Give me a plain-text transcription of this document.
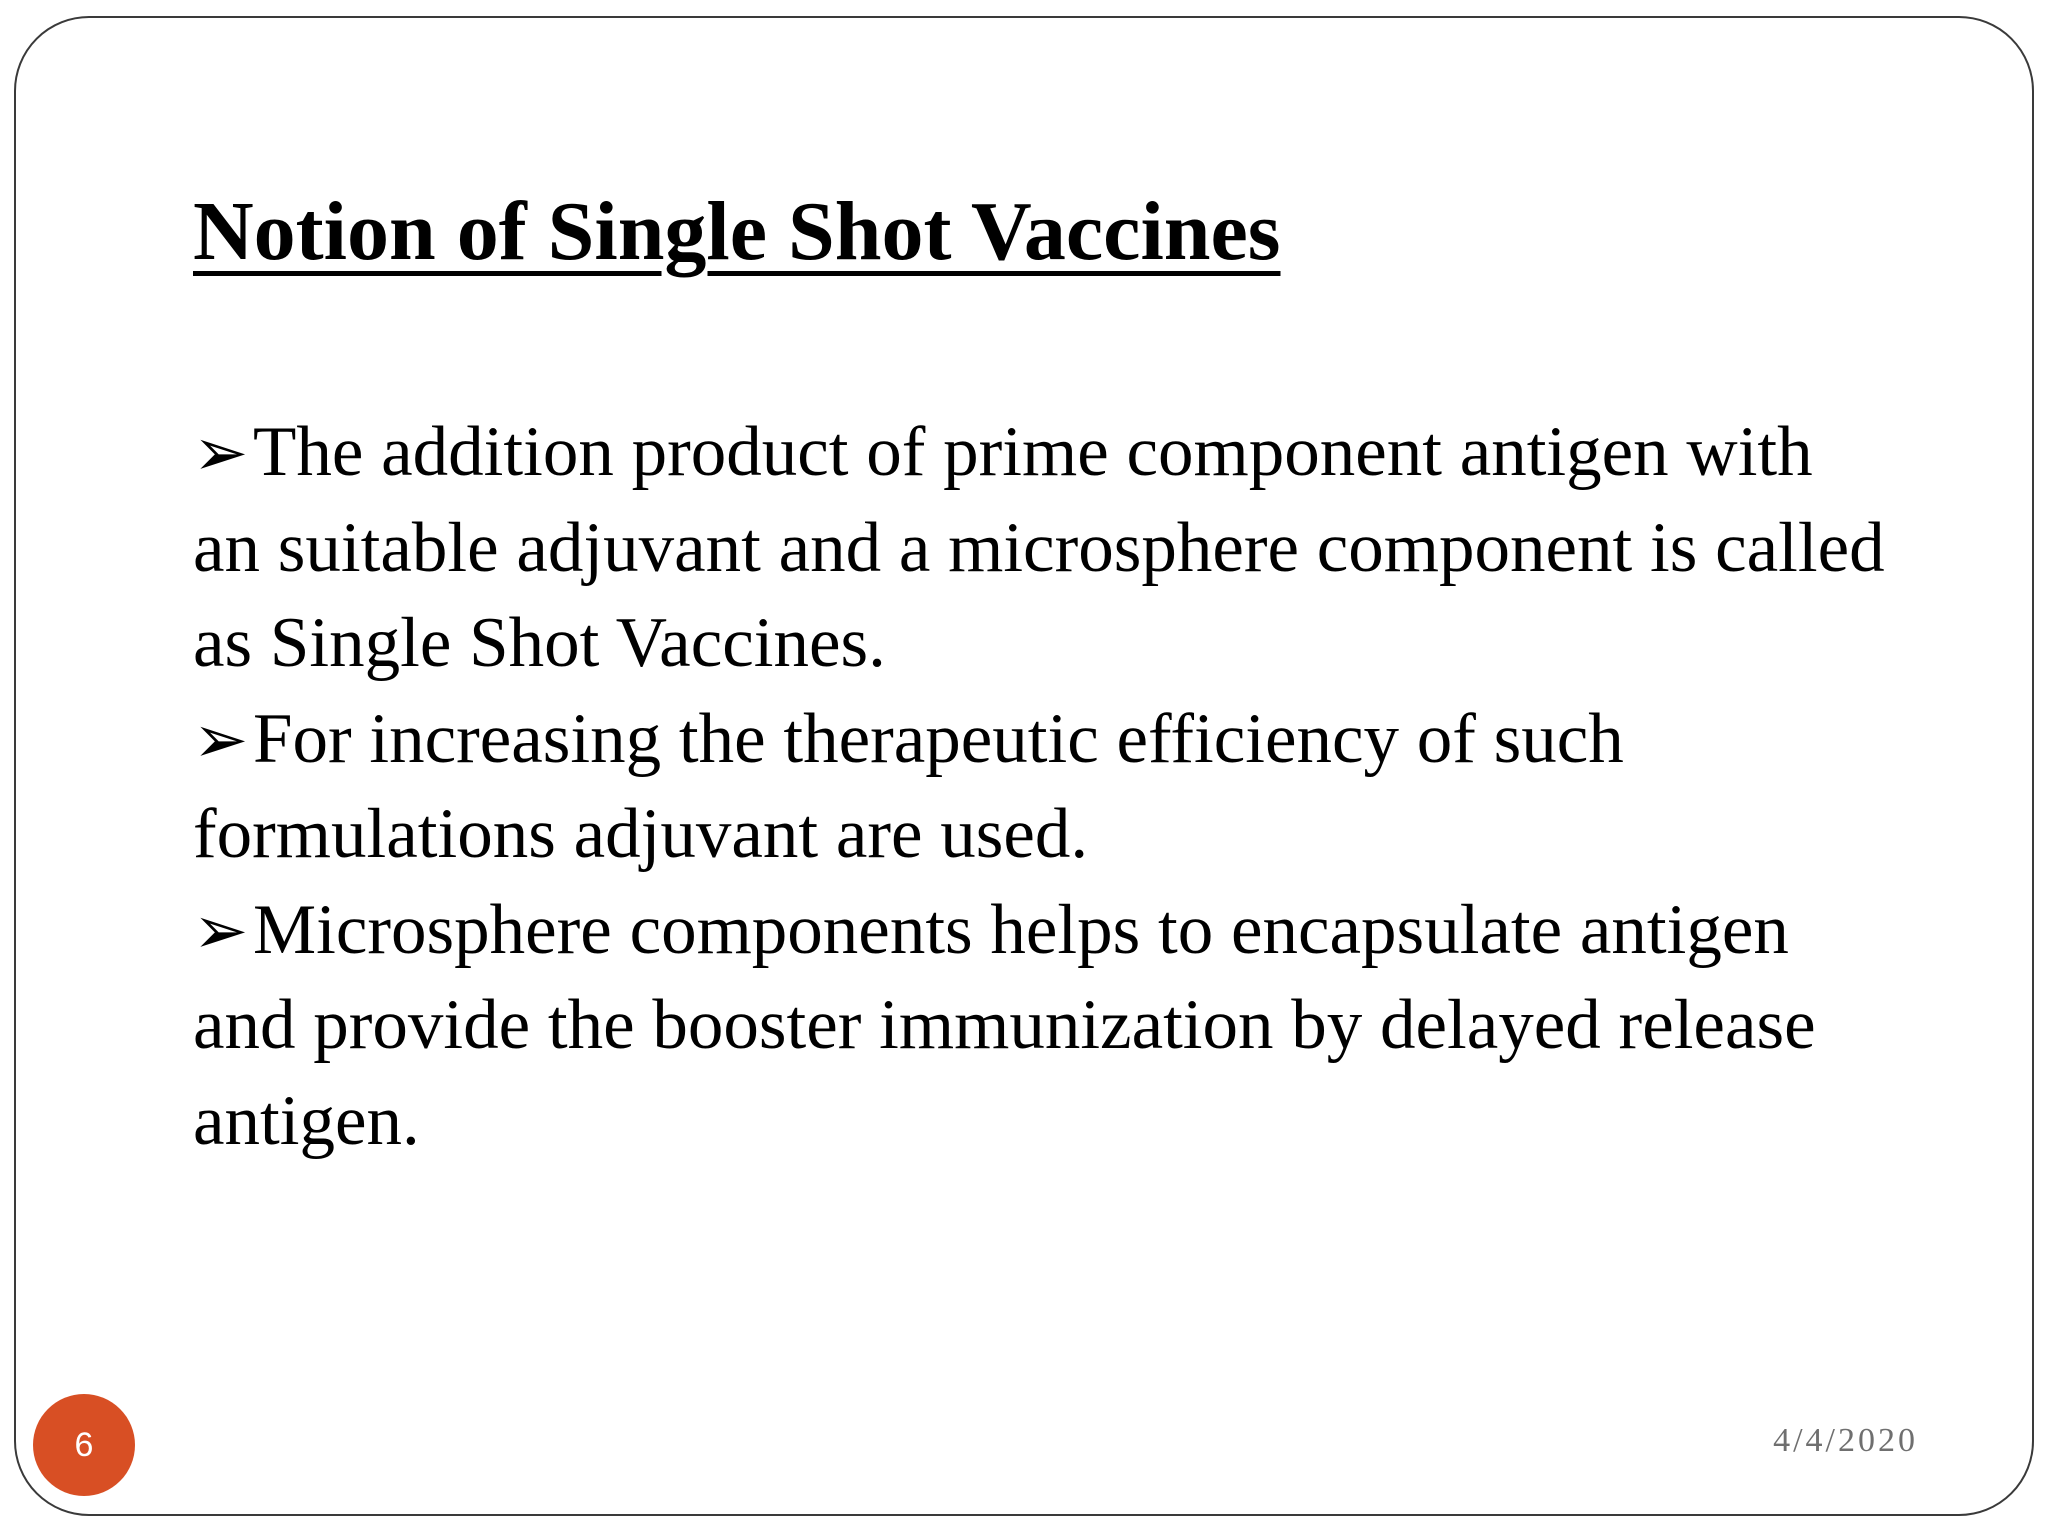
Notion of Single Shot Vaccines
➢The addition product of prime component antigen with an suitable adjuvant and a microsphere component is called as Single Shot Vaccines.
➢For increasing the therapeutic efficiency of such formulations adjuvant are used.
➢Microsphere components helps to encapsulate antigen and provide the booster immunization by delayed release antigen.
6	4/4/2020
